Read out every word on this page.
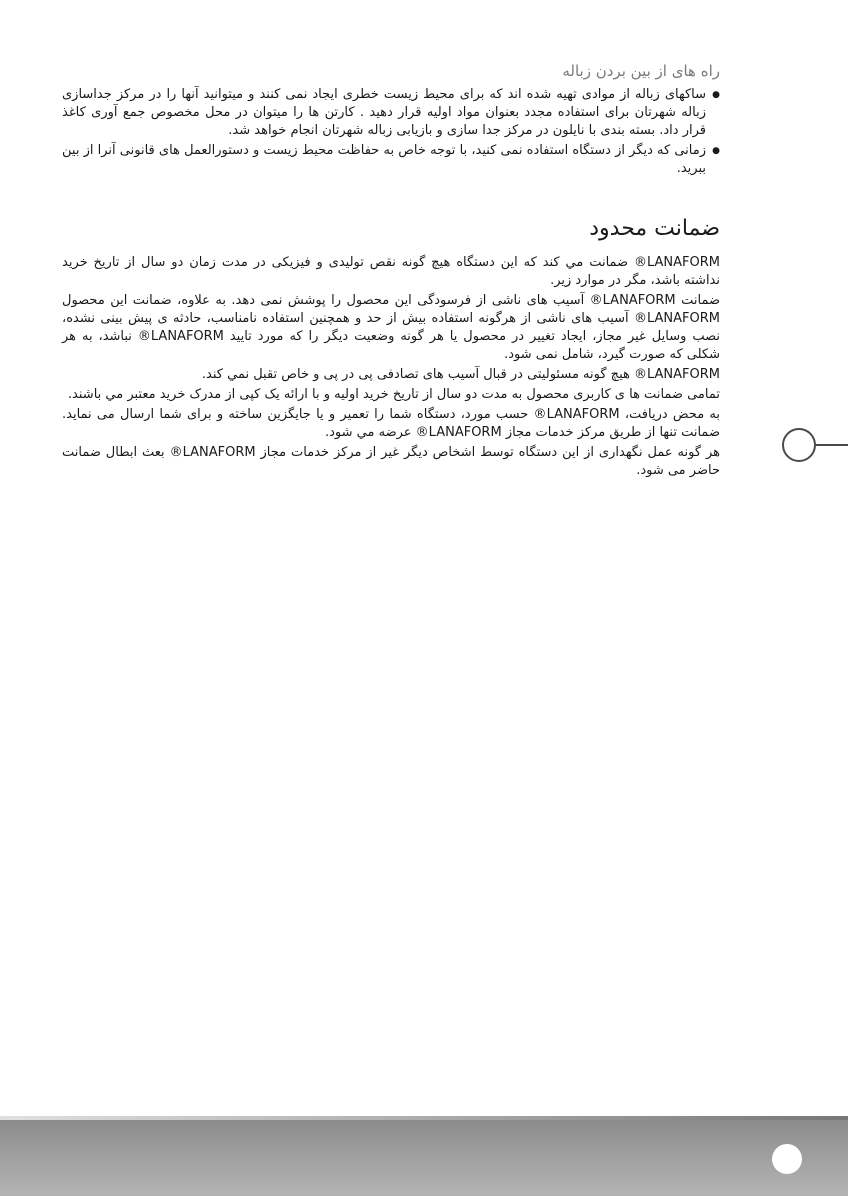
راه های از بین بردن زباله
● ساکهای زباله از موادی تهیه شده اند که برای محیط زیست خطری ایجاد نمی کنند و میتوانید آنها را در مرکز جداسازی زباله شهرتان برای استفاده مجدد بعنوان مواد اولیه قرار دهید . کارتن ها را میتوان در محل مخصوص جمع آوری کاغذ قرار داد. بسته بندی با نایلون در مرکز جدا سازی و بازیابی زباله شهرتان انجام خواهد شد.
● زمانی که دیگر از دستگاه استفاده نمی کنید، با توجه خاص به حفاظت محیط زیست و دستورالعمل های قانونی آنرا از بین ببرید.
ضمانت محدود

LANAFORM® ضمانت مي كند كه اين دستگاه هيچ گونه نقص توليدی و فيزيكی در مدت زمان دو سال از تاريخ خريد نداشته باشد، مگر در موارد زير.

ضمانت LANAFORM® آسيب های ناشی از فرسودگی اين محصول را پوشش نمی دهد. به علاوه، ضمانت اين محصول LANAFORM® آسيب های ناشی از هرگونه استفاده بيش از حد و همچنين استفاده نامناسب، حادثه ی پيش بينی نشده، نصب وسايل غير مجاز، ايجاد تغيير در محصول يا هر گونه وضعيت ديگر را كه مورد تاييد LANAFORM® نباشد، به هر شكلی كه صورت گيرد، شامل نمی شود.

LANAFORM® هيچ گونه مسئوليتی در قبال آسيب های تصادفی پی در پی و خاص تقبل نمي كند.

تمامی ضمانت ها ی كاربری محصول به مدت دو سال از تاريخ خريد اوليه و با ارائه يک كپی از مدرک خريد معتبر مي باشند.

به محض دريافت، LANAFORM® حسب مورد، دستگاه شما را تعمير و يا جايگزين ساخته و برای شما ارسال می نمايد. ضمانت تنها از طريق مركز خدمات مجاز LANAFORM® عرضه مي شود.

هر گونه عمل نگهداری از اين دستگاه توسط اشخاص ديگر غير از مركز خدمات مجاز LANAFORM® بعث ابطال ضمانت حاضر می شود.
